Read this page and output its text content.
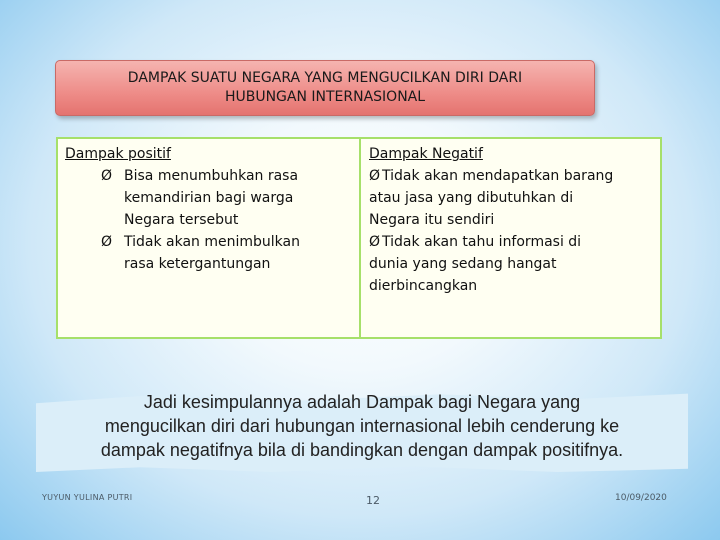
DAMPAK SUATU NEGARA YANG MENGUCILKAN DIRI DARI
HUBUNGAN INTERNASIONAL
Dampak positif
Ø Bisa menumbuhkan rasa
kemandirian bagi warga
Negara tersebut
Ø Tidak akan menimbulkan
rasa ketergantungan
Dampak Negatif
Ø Tidak akan mendapatkan barang
atau jasa yang dibutuhkan di
Negara itu sendiri
Ø Tidak akan tahu informasi di
dunia yang sedang hangat
dierbincangkan
Jadi kesimpulannya adalah Dampak bagi Negara yang
mengucilkan diri dari hubungan internasional lebih cenderung ke
dampak negatifnya bila di bandingkan dengan dampak positifnya.
YUYUN YULINA PUTRI	12	10/09/2020
